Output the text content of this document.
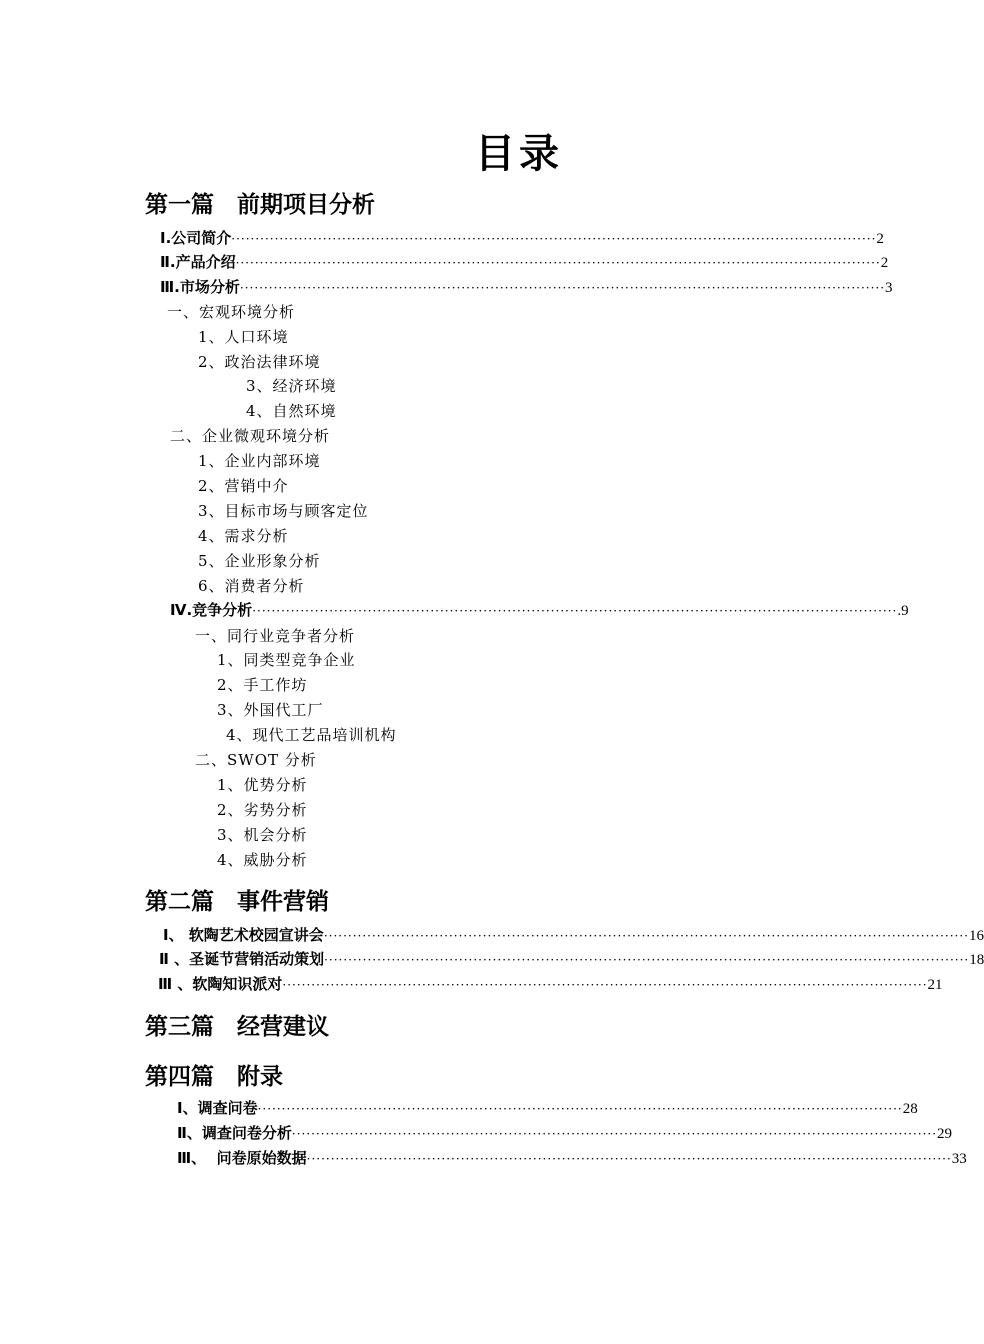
目录
第一篇　前期项目分析
Ⅰ.公司简介 ······································································································································ 2
Ⅱ.产品介绍 ······································································································································ 2
Ⅲ.市场分析 ······································································································································ 3
一、宏观环境分析
1、人口环境
2、政治法律环境
3、经济环境
4、自然环境
二、企业微观环境分析
1、企业内部环境
2、营销中介
3、目标市场与顾客定位
4、需求分析
5、企业形象分析
6、消费者分析
Ⅳ.竞争分析 ······································································································································ .9
一、同行业竞争者分析
1、同类型竞争企业
2、手工作坊
3、外国代工厂
4、现代工艺品培训机构
二、SWOT 分析
1、优势分析
2、劣势分析
3、机会分析
4、威胁分析
第二篇　事件营销
Ⅰ、 软陶艺术校园宣讲会 ······································································································································ 16
Ⅱ 、圣诞节营销活动策划 ······································································································································ 18
Ⅲ 、软陶知识派对 ······································································································································ 21
第三篇　经营建议
第四篇　附录
Ⅰ、调查问卷 ······································································································································ 28
Ⅱ、调查问卷分析 ······································································································································ 29
Ⅲ、  问卷原始数据 ······································································································································ 33
